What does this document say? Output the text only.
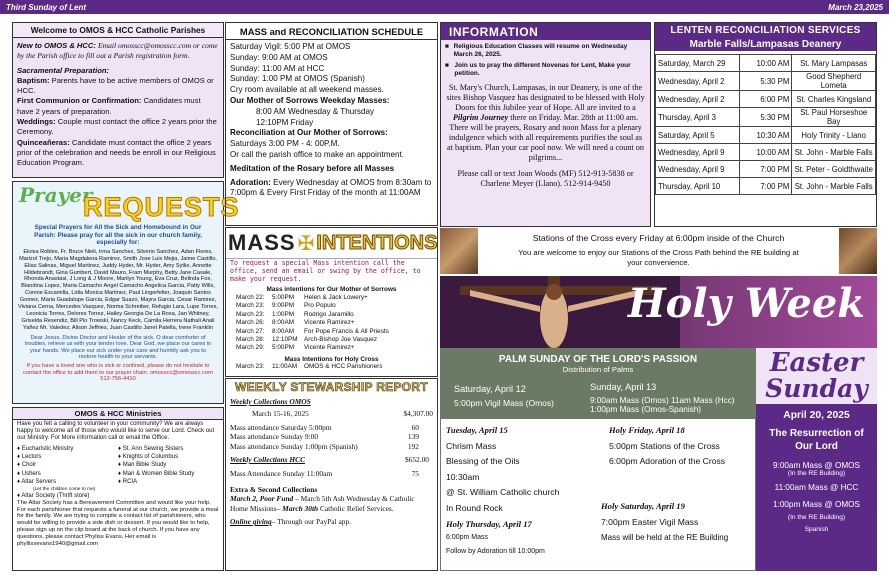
Third Sunday of Lent	March 23,2025
Welcome to OMOS & HCC Catholic Parishes
New to OMOS & HCC: Email omosscc@omosscc.com or come by the Parish office to fill out a Parish registration form.
Sacramental Preparation:
Baptism: Parents have to be active members of OMOS or HCC.
First Communion or Confirmation: Candidates must have 2 years of preparation.
Weddings: Couple must contact the office 2 years prior the Ceremony.
Quinceañeras: Candidate must contact the office 2 years prior of the celebration and needs be enroll in our Religious Education Program.
Prayer
REQUESTS
Special Prayers for All the Sick and Homebound in Our Parish: Please pray for all the sick in our church family, especially for:
Eloisa Robles, Fr. Bruce Nieli, Irma Sanchez, Silverio Sanchez, Adan Flores, Marizol Trejo, Maria Magdalena Ramirez, Smith Jose Luis Mejia, Jaime Castillo, Elias Salinas, Miguel Martinez, Juddy Hyder, Mr. Hyder, Amy Sytlie, Annette Hildebrandt, Gina Gumbert, David Mauro, Fram Murphy, Betty Jane Casale, Rhonda Anastasi, J Long & J Moore, Marilyn Young, Eva Cruz, Belinda Fox, Blandina Lopez, Maria Camacho Angel Camacho Angelica Garcia, Patty Wills, Connie Escamilla, Lidia Monica Martinez, Paul Lingerfelter, Joaquin Santos Gomez, Maria Guadalupe Garcia, Edgar Suazo, Mayra Garcia, Cesar Ramirez, Viviana Cerna, Mercedes Vasquez, Norma Schreiber, Refugio Lara, Lupe Torres, Leonicia Torres, Delores Torrez, Hailey Georgia De La Rosa, Jan Whitney, Griselda Resendiz, Bill Pio Trowski, Nancy Keck, Camila Herrera Nathali Anali Yañez Mr. Valedez, Alison Jeffries, Juan Castillo Janet Patella, Irene Franklin
Dear Jesus, Divine Doctor and Healer of the sick. O dear comforter of troubles, relieve us with your tender love. Dear God, we place our cares in your hands. We place our sick under your care and humbly ask you to restore health to your servants.
If you have a loved one who is sick or confined, please do not hesitate to contact the office to add them to our prayer chain. omosscc@omosscc.com 512-756-4410
OMOS & HCC Ministries
Have you felt a calling to volunteer in your community? We are always happy to welcome all of those who would like to serve our Lord. Check out our Ministry. For More information call or email the Office.
♦ Eucharistic Ministry
♦ Lectors
♦ Choir
♦ Ushers
♦ Altar Servers
(Let the children come to me)
♦ St. Ann Sewing Sisters
♦ Knights of Columbus
♦ Man Bible Study
♦ Man & Women Bible Study
♦ RCIA
♦ Altar Society (Thrift store)
The Altar Society has a Bereavement Committee and would like your help. For each parishioner that requests a funeral at our church, we provide a meal for the family. We are trying to compile a contact list of parishioners, who would be willing to provide a side dish or dessert. If you would like to help, please sign up on the clip board at the back of church. If you have any questions, please contact Phyliss Evans. Her email is phyllissevans1940@gmail.com
MASS and RECONCILIATION SCHEDULE
Saturday Vigil: 5:00 PM at OMOS
Sunday: 9:00 AM at OMOS
Sunday: 11:00 AM at HCC
Sunday: 1:00 PM at OMOS (Spanish)
Cry room available at all weekend masses.
Our Mother of Sorrows Weekday Masses:
8:00 AM Wednesday & Thursday
12:10PM Friday
Reconciliation at Our Mother of Sorrows:
Saturdays 3:00 PM - 4: 00P.M.
Or call the parish office to make an appointment.
Meditation of the Rosary before all Masses
Adoration: Every Wednesday at OMOS from 8:30am to 7:00pm & Every First Friday of the month at 11:00AM
MASS ✠ INTENTIONS
To request a special Mass intention call the office, send an email or swing by the office, to make your request.
Mass intentions for Our Mother of Sorrows
March 22:	5:00PM	Helen & Jack Lowery+
March 23:	9:00PM	Pro Populo
March 23:	1:00PM	Rodrigo Jaramillo
March 26:	8:00AM	Vicente Ramirez+
March 27:	8:00AM	For Pope Francis & All Priests
March 28:	12:10PM	Arch-Bishop Joe Vasquez
March 29:	5:00PM	Vicente Ramirez+
Mass Intentions for Holy Cross
March 23:	11:00AM	OMOS & HCC Parishioners
WEEKLY STEWARSHIP REPORT
Weekly Collections OMOS
March 15-16, 2025	$4,307.00
Mass attendance Saturday 5:00pm	60
Mass attendance Sunday 9:00	139
Mass attendance Sunday 1:00pm (Spanish)	192
Weekly Collections HCC	$652.00
Mass Attendance Sunday 11:00am	75
Extra & Second Collections
March 2, Poor Fund – March 5th Ash Wednesday & Catholic Home Missions– March 30th Catholic Relief Services.
Online giving– Through our PayPal app.
INFORMATION
■ Religious Education Classes will resume on Wednesday March 26, 2025.
■ Join us to pray the different Novenas for Lent, Make your petition.
St. Mary's Church, Lampasas, in our Deanery, is one of the sites Bishop Vasquez has designated to be blessed with Holy Doors for this Jubilee year of Hope. All are invited to a Pilgrim Journey there on Friday. Mar. 28th at 11:00 am. There will be prayers, Rosary and noon Mass for a plenary indulgence which with all requirements purifies the soul as at baptism. Plan your car pool now. We will need a count on pilgrims...
Please call or text Joan Woods (MF) 512-913-5838 or Charlene Meyer (Llano). 512-914-9450
LENTEN RECONCILIATION SERVICES
Marble Falls/Lampasas Deanery
Saturday, March 29	10:00 AM	St. Mary Lampasas
Wednesday, April 2	5:30 PM	Good Shepherd Lometa
Wednesday, April 2	6:00 PM	St. Charles Kingsland
Thursday, April 3	5:30 PM	St. Paul Horseshoe Bay
Saturday, April 5	10:30 AM	Holy Trinity - Llano
Wednesday, April 9	10:00 AM	St. John - Marble Falls
Wednesday, April 9	7:00 PM	St. Peter - Goldthwaite
Thursday, April 10	7:00 PM	St. John - Marble Falls
Stations of the Cross every Friday at 6:00pm inside of the Church
You are welcome to enjoy our Stations of the Cross Path behind the RE building at your convenience.
Holy Week
PALM SUNDAY OF THE LORD'S PASSION
Distribution of Palms
Saturday, April 12
5:00pm Vigil Mass (Omos)
Sunday, April 13
9:00am Mass (Omos) 11am Mass (Hcc)
1:00pm Mass (Omos-Spanish)
Tuesday, April 15
Chrism Mass
Blessing of the Oils
10:30am
@ St. William Catholic church
In Round Rock
Holy Thursday, April 17
6:00pm Mass
Follow by Adoration till 10:00pm
Holy Friday, April 18
5:00pm Stations of the Cross
6:00pm Adoration of the Cross
Holy Saturday, April 19
7:00pm Easter Vigil Mass
Mass will be held at the RE Building
Easter
Sunday
April 20, 2025
The Resurrection of Our Lord
9:00am Mass @ OMOS
(In the RE Building)
11:00am Mass @ HCC
1:00pm Mass @ OMOS
(In the RE Building)
Spanish
